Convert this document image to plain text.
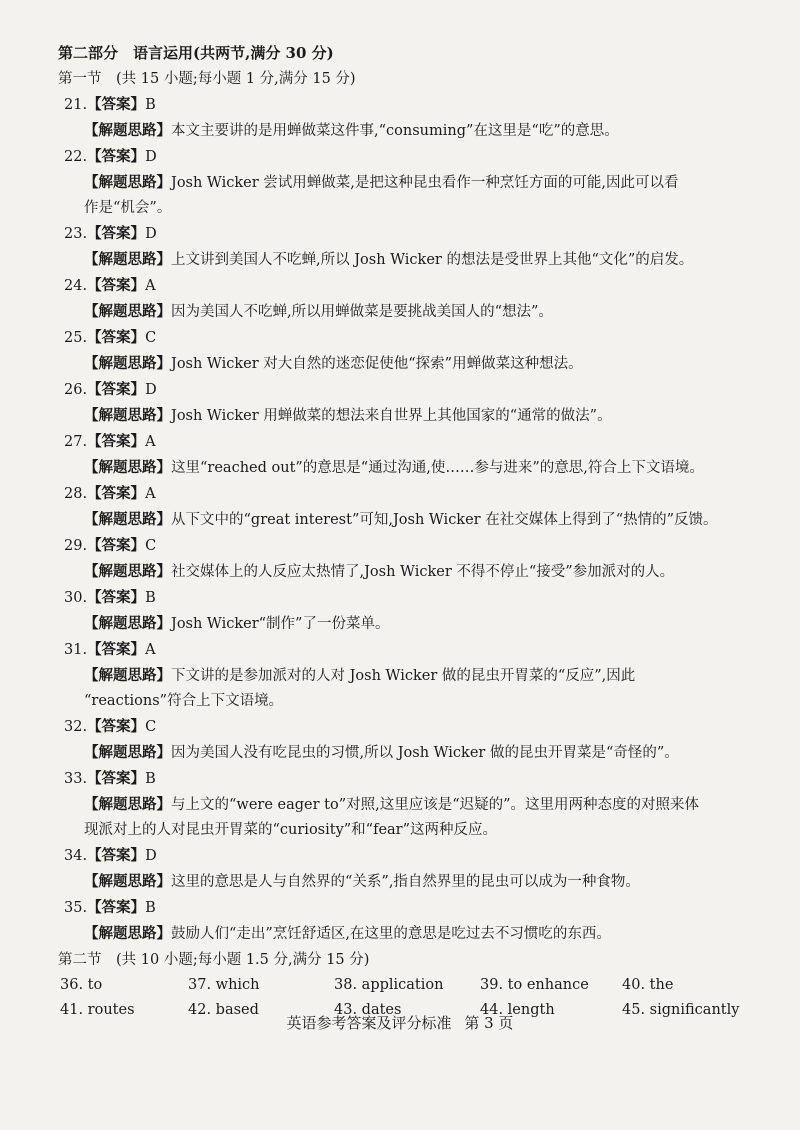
第二部分　语言运用(共两节,满分 30 分)
第一节　(共 15 小题;每小题 1 分,满分 15 分)
21.【答案】B
【解题思路】本文主要讲的是用蝉做菜这件事,“consuming”在这里是“吃”的意思。
22.【答案】D
【解题思路】Josh Wicker 尝试用蝉做菜,是把这种昆虫看作一种烹饪方面的可能,因此可以看
作是“机会”。
23.【答案】D
【解题思路】上文讲到美国人不吃蝉,所以 Josh Wicker 的想法是受世界上其他“文化”的启发。
24.【答案】A
【解题思路】因为美国人不吃蝉,所以用蝉做菜是要挑战美国人的“想法”。
25.【答案】C
【解题思路】Josh Wicker 对大自然的迷恋促使他“探索”用蝉做菜这种想法。
26.【答案】D
【解题思路】Josh Wicker 用蝉做菜的想法来自世界上其他国家的“通常的做法”。
27.【答案】A
【解题思路】这里“reached out”的意思是“通过沟通,使……参与进来”的意思,符合上下文语境。
28.【答案】A
【解题思路】从下文中的“great interest”可知,Josh Wicker 在社交媒体上得到了“热情的”反馈。
29.【答案】C
【解题思路】社交媒体上的人反应太热情了,Josh Wicker 不得不停止“接受”参加派对的人。
30.【答案】B
【解题思路】Josh Wicker“制作”了一份菜单。
31.【答案】A
【解题思路】下文讲的是参加派对的人对 Josh Wicker 做的昆虫开胃菜的“反应”,因此
“reactions”符合上下文语境。
32.【答案】C
【解题思路】因为美国人没有吃昆虫的习惯,所以 Josh Wicker 做的昆虫开胃菜是“奇怪的”。
33.【答案】B
【解题思路】与上文的“were eager to”对照,这里应该是“迟疑的”。这里用两种态度的对照来体
现派对上的人对昆虫开胃菜的“curiosity”和“fear”这两种反应。
34.【答案】D
【解题思路】这里的意思是人与自然界的“关系”,指自然界里的昆虫可以成为一种食物。
35.【答案】B
【解题思路】鼓励人们“走出”烹饪舒适区,在这里的意思是吃过去不习惯吃的东西。
第二节　(共 10 小题;每小题 1.5 分,满分 15 分)
36. to	37. which	38. application	39. to enhance	40. the
41. routes	42. based	43. dates	44. length	45. significantly
英语参考答案及评分标准 第 3 页
